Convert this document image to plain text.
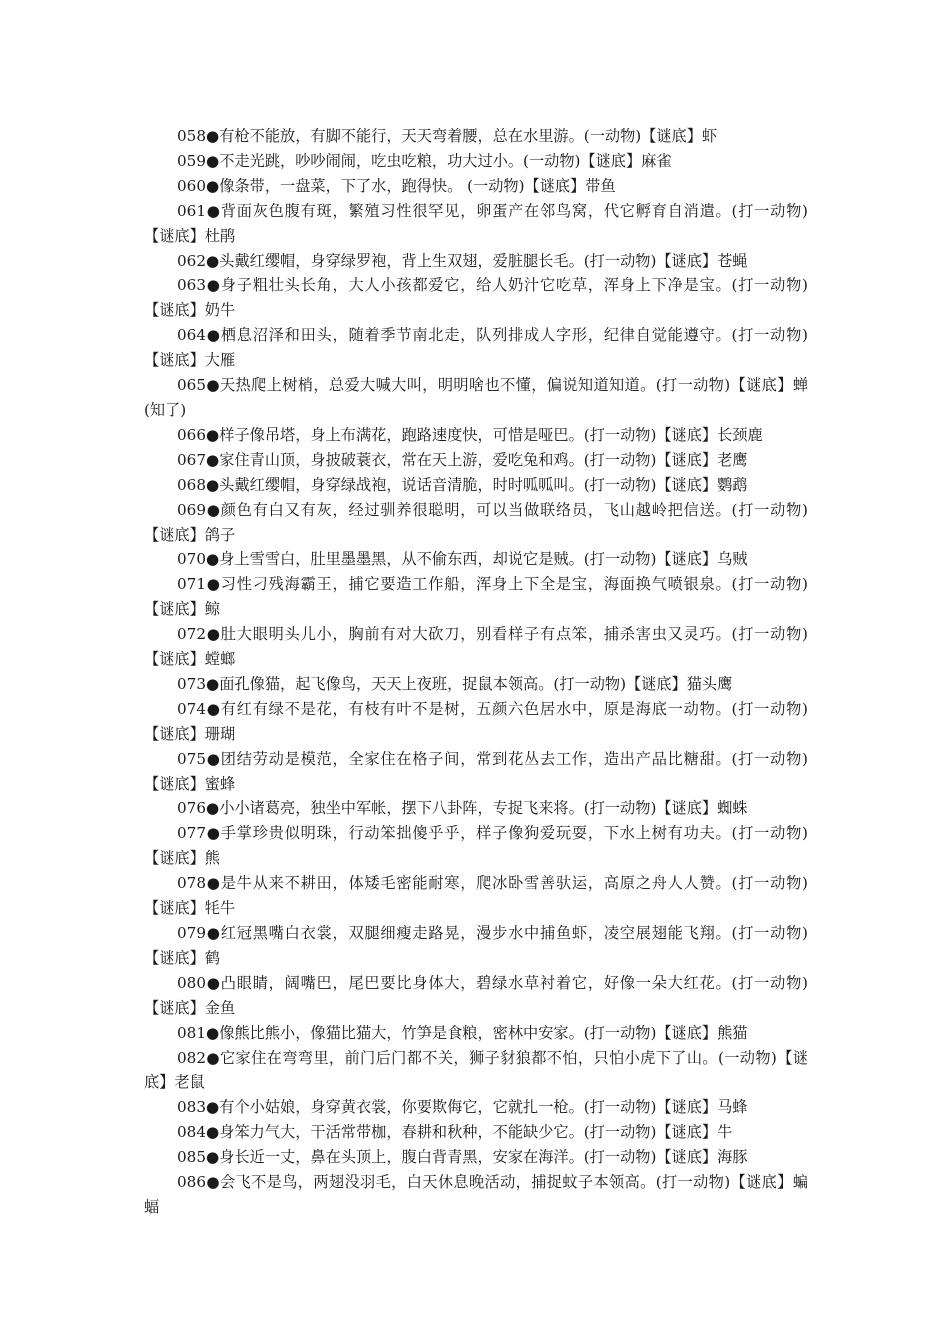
058●有枪不能放，有脚不能行，天天弯着腰，总在水里游。(一动物)【谜底】虾

059●不走光跳，吵吵闹闹，吃虫吃粮，功大过小。(一动物)【谜底】麻雀

060●像条带，一盘菜，下了水，跑得快。 (一动物)【谜底】带鱼

061●背面灰色腹有斑，繁殖习性很罕见，卵蛋产在邻鸟窝，代它孵育自消遣。(打一动物)【谜底】杜鹃

062●头戴红缨帽，身穿绿罗袍，背上生双翅，爱脏腿长毛。(打一动物)【谜底】苍蝇

063●身子粗壮头长角，大人小孩都爱它，给人奶汁它吃草，浑身上下净是宝。(打一动物)【谜底】奶牛

064●栖息沼泽和田头，随着季节南北走，队列排成人字形，纪律自觉能遵守。(打一动物)【谜底】大雁

065●天热爬上树梢，总爱大喊大叫，明明啥也不懂，偏说知道知道。(打一动物)【谜底】蝉(知了)

066●样子像吊塔，身上布满花，跑路速度快，可惜是哑巴。(打一动物)【谜底】长颈鹿

067●家住青山顶，身披破蓑衣，常在天上游，爱吃兔和鸡。(打一动物)【谜底】老鹰

068●头戴红缨帽，身穿绿战袍，说话音清脆，时时呱呱叫。(打一动物)【谜底】鹦鹉

069●颜色有白又有灰，经过驯养很聪明，可以当做联络员，飞山越岭把信送。(打一动物)【谜底】鸽子

070●身上雪雪白，肚里墨墨黑，从不偷东西，却说它是贼。(打一动物)【谜底】乌贼

071●习性刁残海霸王，捕它要造工作船，浑身上下全是宝，海面换气喷银泉。(打一动物)【谜底】鲸

072●肚大眼明头儿小，胸前有对大砍刀，别看样子有点笨，捕杀害虫又灵巧。(打一动物)【谜底】螳螂

073●面孔像猫，起飞像鸟，天天上夜班，捉鼠本领高。(打一动物)【谜底】猫头鹰

074●有红有绿不是花，有枝有叶不是树，五颜六色居水中，原是海底一动物。(打一动物)【谜底】珊瑚

075●团结劳动是模范，全家住在格子间，常到花丛去工作，造出产品比糖甜。(打一动物)【谜底】蜜蜂

076●小小诸葛亮，独坐中军帐，摆下八卦阵，专捉飞来将。(打一动物)【谜底】蜘蛛

077●手掌珍贵似明珠，行动笨拙傻乎乎，样子像狗爱玩耍，下水上树有功夫。(打一动物)【谜底】熊

078●是牛从来不耕田，体矮毛密能耐寒，爬冰卧雪善驮运，高原之舟人人赞。(打一动物)【谜底】牦牛

079●红冠黑嘴白衣裳，双腿细瘦走路晃，漫步水中捕鱼虾，凌空展翅能飞翔。(打一动物)【谜底】鹤

080●凸眼睛，阔嘴巴，尾巴要比身体大，碧绿水草衬着它，好像一朵大红花。(打一动物)【谜底】金鱼

081●像熊比熊小，像猫比猫大，竹笋是食粮，密林中安家。(打一动物)【谜底】熊猫

082●它家住在弯弯里，前门后门都不关，狮子豺狼都不怕，只怕小虎下了山。(一动物)【谜底】老鼠

083●有个小姑娘，身穿黄衣裳，你要欺侮它，它就扎一枪。(打一动物)【谜底】马蜂

084●身笨力气大，干活常带枷，春耕和秋种，不能缺少它。(打一动物)【谜底】牛

085●身长近一丈，鼻在头顶上，腹白背青黑，安家在海洋。(打一动物)【谜底】海豚

086●会飞不是鸟，两翅没羽毛，白天休息晚活动，捕捉蚊子本领高。(打一动物)【谜底】蝙蝠
